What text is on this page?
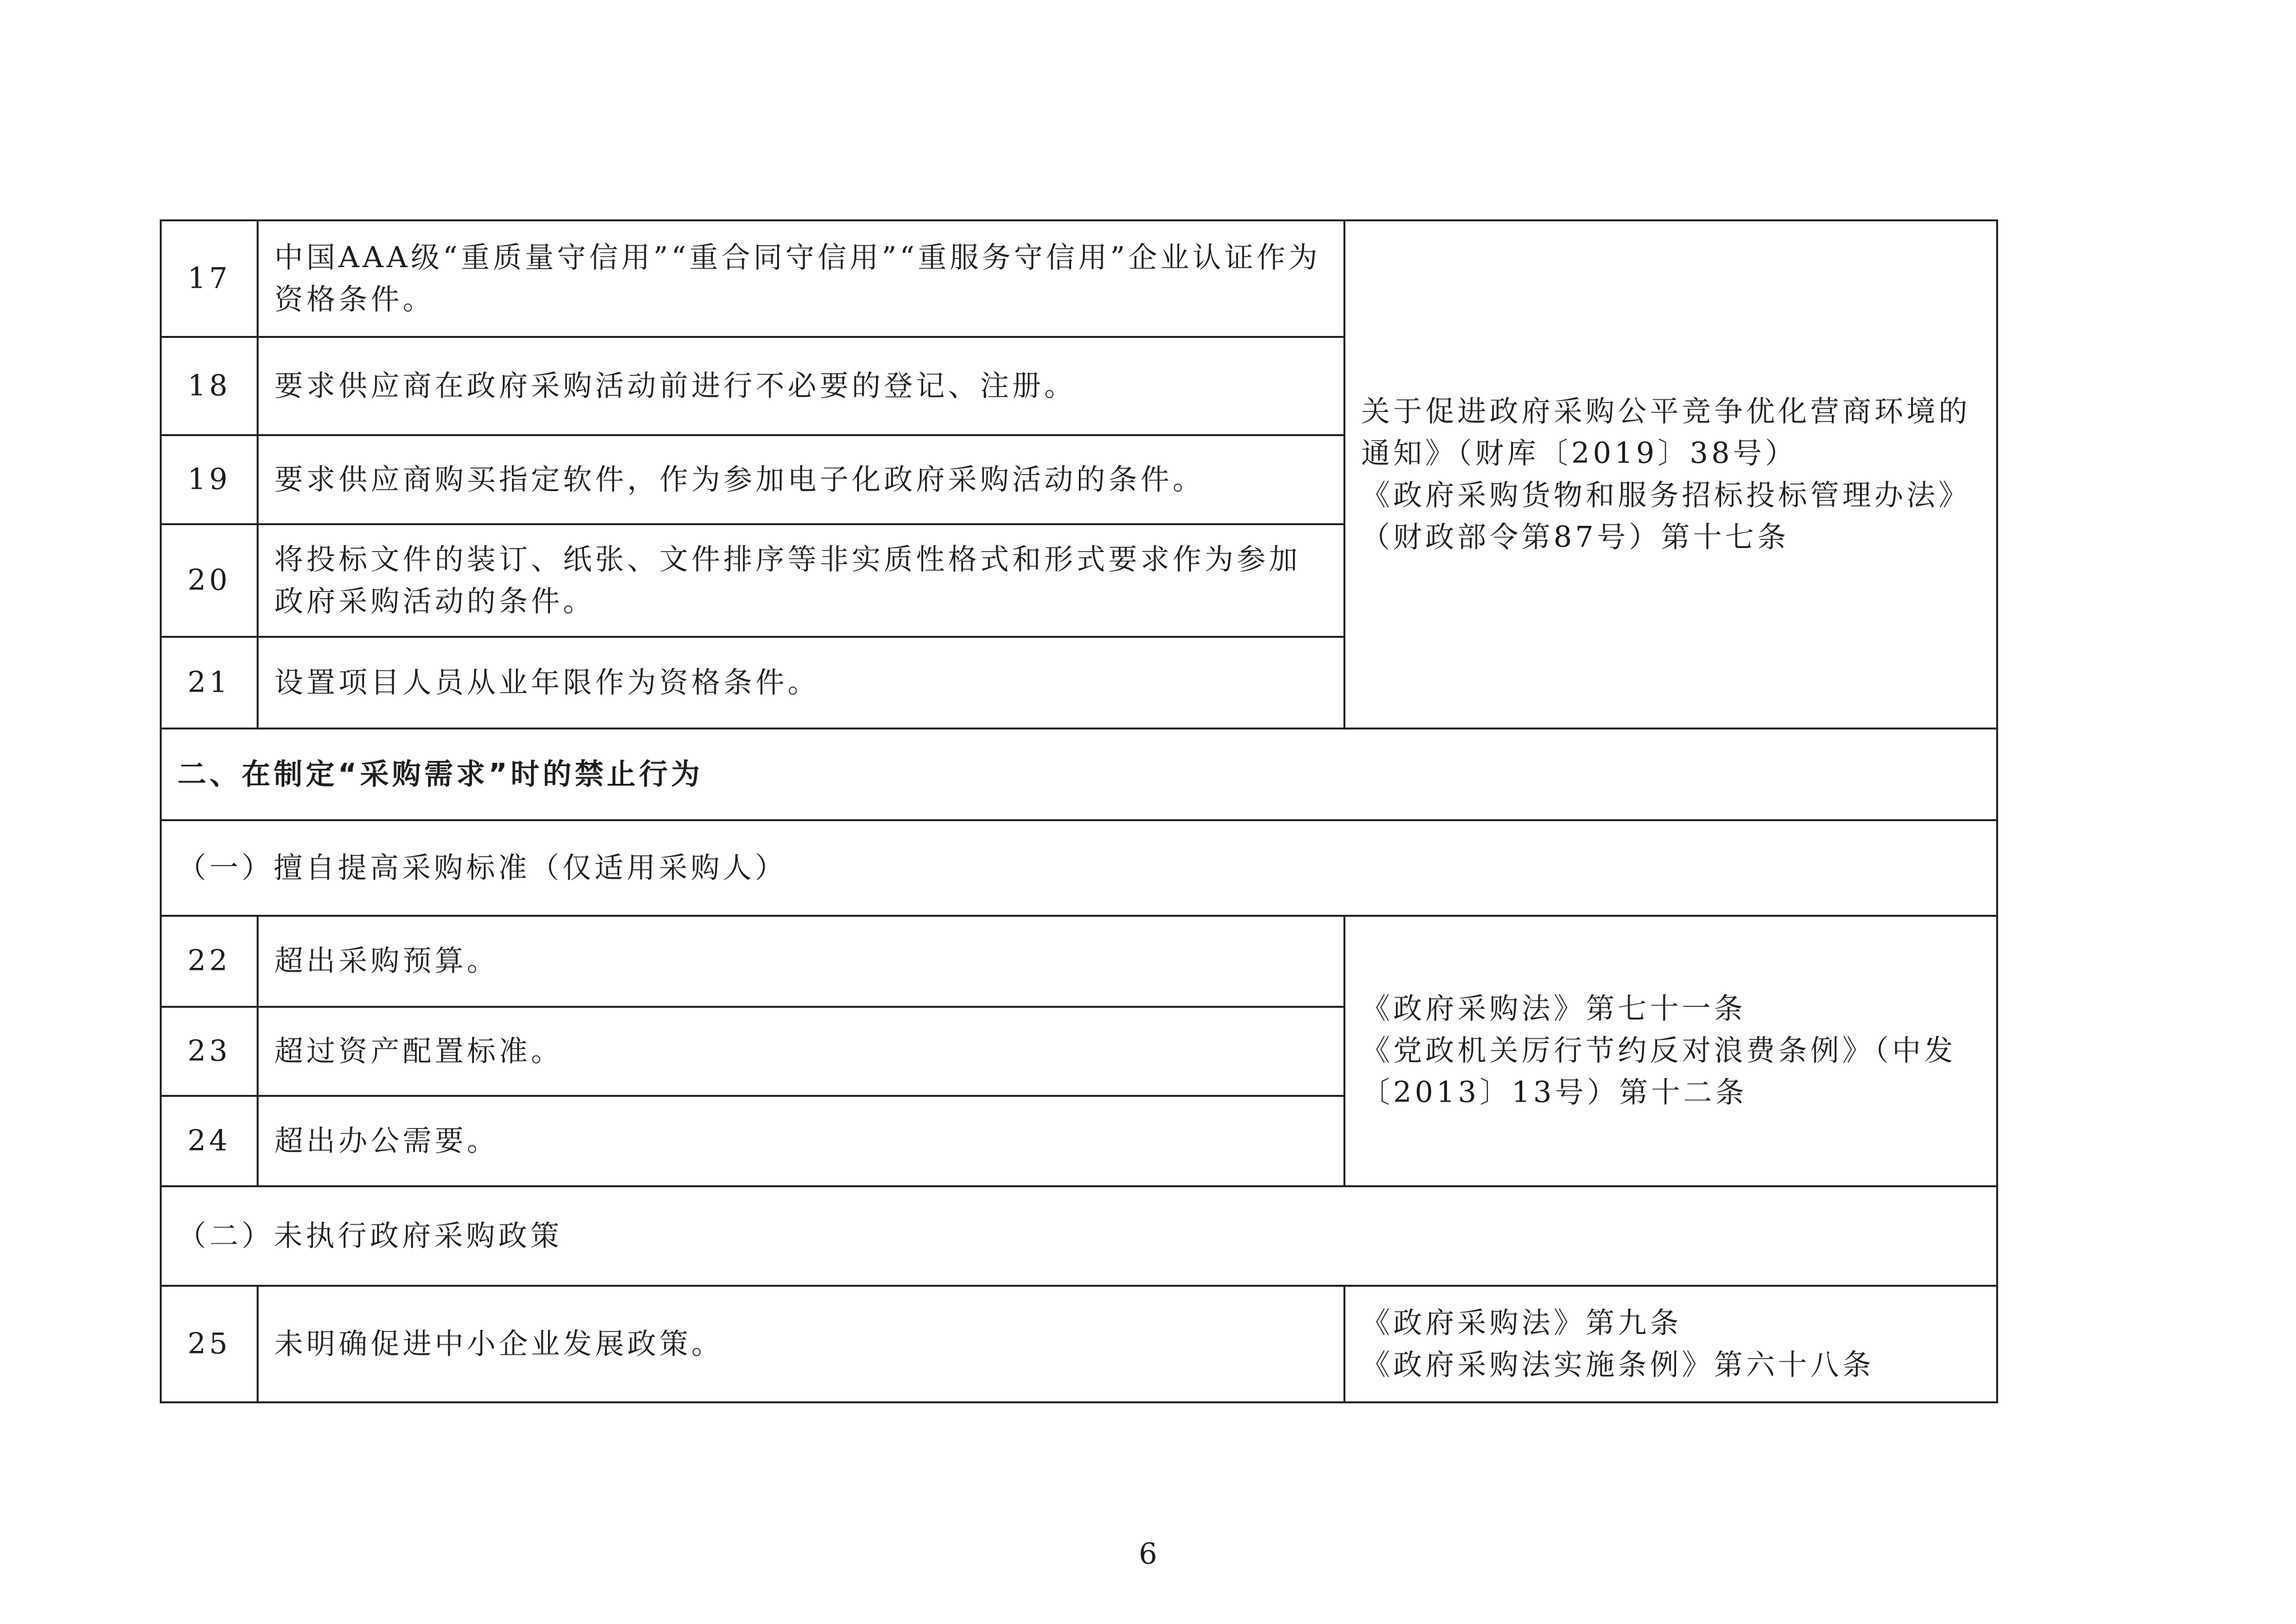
17	中国AAA级“重质量守信用”“重合同守信用”“重服务守信用”企业认证作为资格条件。	关于促进政府采购公平竞争优化营商环境的通知》（财库〔2019〕38号）
《政府采购货物和服务招标投标管理办法》（财政部令第87号）第十七条

18	要求供应商在政府采购活动前进行不必要的登记、注册。	
19	要求供应商购买指定软件，作为参加电子化政府采购活动的条件。	
20	将投标文件的装订、纸张、文件排序等非实质性格式和形式要求作为参加政府采购活动的条件。	
21	设置项目人员从业年限作为资格条件。	
二、在制定“采购需求”时的禁止行为		
（一）擅自提高采购标准（仅适用采购人）		
22	超出采购预算。	《政府采购法》第七十一条
《党政机关厉行节约反对浪费条例》（中发〔2013〕13号）第十二条

23	超过资产配置标准。	
24	超出办公需要。	
（二）未执行政府采购政策		
25	未明确促进中小企业发展政策。	《政府采购法》第九条
《政府采购法实施条例》第六十八条
6
